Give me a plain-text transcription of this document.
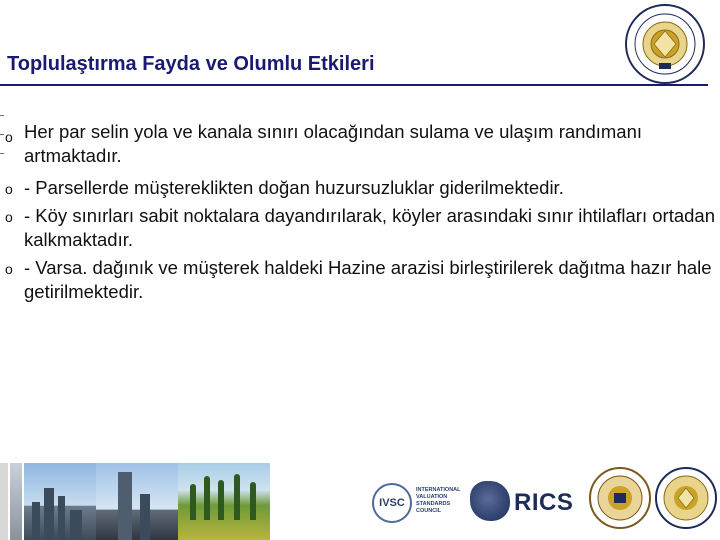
Toplulaştırma Fayda ve Olumlu Etkileri
o Her par selin yola ve kanala sınırı olacağından sulama ve ulaşım randımanı artmaktadır.
o - Parsellerde müştereklikten doğan huzursuzluklar giderilmektedir.
o - Köy sınırları sabit noktalara dayandırılarak, köyler arasındaki sınır ihtilafları ortadan kalkmaktadır.
o - Varsa. dağınık ve müşterek haldeki Hazine arazisi birleştirilerek dağıtma hazır hale getirilmektedir.
IVSC
INTERNATIONAL
VALUATION
STANDARDS
COUNCIL	RICS
